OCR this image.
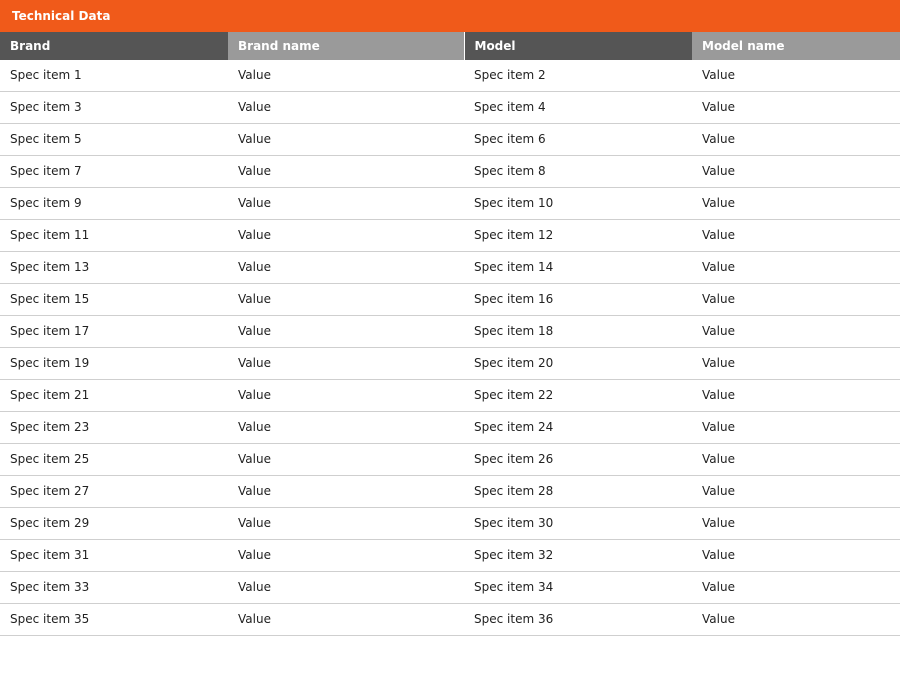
Technical Data
Brand	Brand name	Model	Model name
Spec item 1	Value	Spec item 2	Value
Spec item 3	Value	Spec item 4	Value
Spec item 5	Value	Spec item 6	Value
Spec item 7	Value	Spec item 8	Value
Spec item 9	Value	Spec item 10	Value
Spec item 11	Value	Spec item 12	Value
Spec item 13	Value	Spec item 14	Value
Spec item 15	Value	Spec item 16	Value
Spec item 17	Value	Spec item 18	Value
Spec item 19	Value	Spec item 20	Value
Spec item 21	Value	Spec item 22	Value
Spec item 23	Value	Spec item 24	Value
Spec item 25	Value	Spec item 26	Value
Spec item 27	Value	Spec item 28	Value
Spec item 29	Value	Spec item 30	Value
Spec item 31	Value	Spec item 32	Value
Spec item 33	Value	Spec item 34	Value
Spec item 35	Value	Spec item 36	Value
